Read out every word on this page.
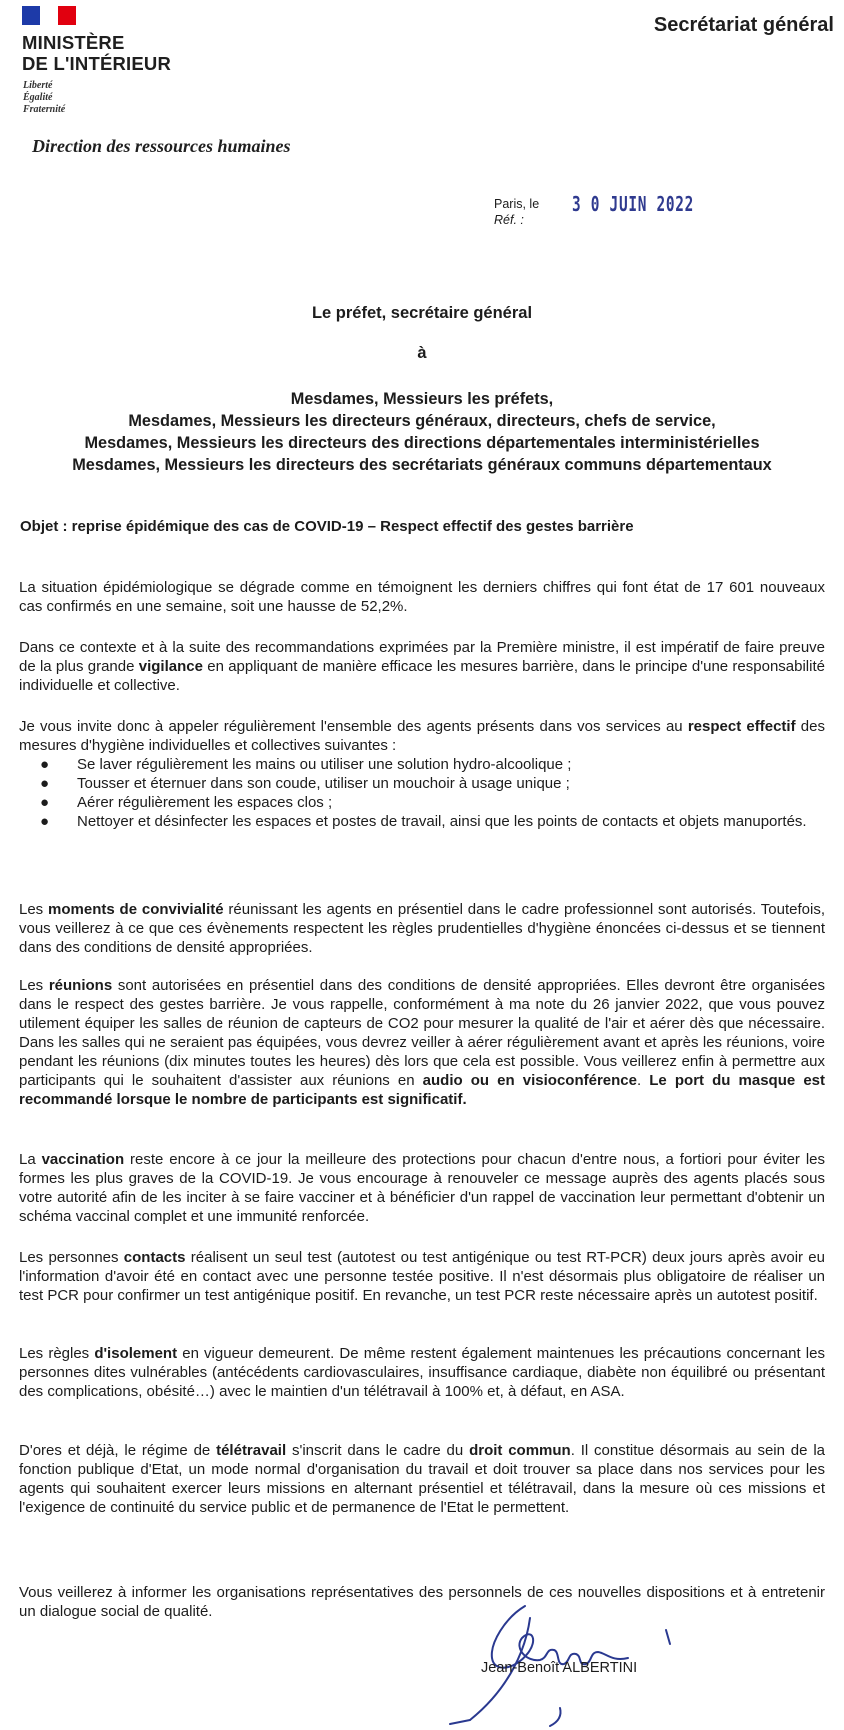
MINISTÈRE
DE L'INTÉRIEUR
Liberté
Égalité
Fraternité
Secrétariat général
Direction des ressources humaines
Paris, le
Réf. :
3 0 JUIN 2022
Le préfet, secrétaire général
à
Mesdames, Messieurs les préfets,
Mesdames, Messieurs les directeurs généraux, directeurs, chefs de service,
Mesdames, Messieurs les directeurs des directions départementales interministérielles
Mesdames, Messieurs les directeurs des secrétariats généraux communs départementaux
Objet : reprise épidémique des cas de COVID-19 – Respect effectif des gestes barrière
La situation épidémiologique se dégrade comme en témoignent les derniers chiffres qui font état de 17 601 nouveaux cas confirmés en une semaine, soit une hausse de 52,2%.
Dans ce contexte et à la suite des recommandations exprimées par la Première ministre, il est impératif de faire preuve de la plus grande vigilance en appliquant de manière efficace les mesures barrière, dans le principe d'une responsabilité individuelle et collective.
Je vous invite donc à appeler régulièrement l'ensemble des agents présents dans vos services au respect effectif des mesures d'hygiène individuelles et collectives suivantes :
●	Se laver régulièrement les mains ou utiliser une solution hydro-alcoolique ;
●	Tousser et éternuer dans son coude, utiliser un mouchoir à usage unique ;
●	Aérer régulièrement les espaces clos ;
●	Nettoyer et désinfecter les espaces et postes de travail, ainsi que les points de contacts et objets manuportés.
Les moments de convivialité réunissant les agents en présentiel dans le cadre professionnel sont autorisés. Toutefois, vous veillerez à ce que ces évènements respectent les règles prudentielles d'hygiène énoncées ci-dessus et se tiennent dans des conditions de densité appropriées.
Les réunions sont autorisées en présentiel dans des conditions de densité appropriées. Elles devront être organisées dans le respect des gestes barrière. Je vous rappelle, conformément à ma note du 26 janvier 2022, que vous pouvez utilement équiper les salles de réunion de capteurs de CO2 pour mesurer la qualité de l'air et aérer dès que nécessaire. Dans les salles qui ne seraient pas équipées, vous devrez veiller à aérer régulièrement avant et après les réunions, voire pendant les réunions (dix minutes toutes les heures) dès lors que cela est possible. Vous veillerez enfin à permettre aux participants qui le souhaitent d'assister aux réunions en audio ou en visioconférence. Le port du masque est recommandé lorsque le nombre de participants est significatif.
La vaccination reste encore à ce jour la meilleure des protections pour chacun d'entre nous, a fortiori pour éviter les formes les plus graves de la COVID-19. Je vous encourage à renouveler ce message auprès des agents placés sous votre autorité afin de les inciter à se faire vacciner et à bénéficier d'un rappel de vaccination leur permettant d'obtenir un schéma vaccinal complet et une immunité renforcée.
Les personnes contacts réalisent un seul test (autotest ou test antigénique ou test RT-PCR) deux jours après avoir eu l'information d'avoir été en contact avec une personne testée positive. Il n'est désormais plus obligatoire de réaliser un test PCR pour confirmer un test antigénique positif. En revanche, un test PCR reste nécessaire après un autotest positif.
Les règles d'isolement en vigueur demeurent. De même restent également maintenues les précautions concernant les personnes dites vulnérables (antécédents cardiovasculaires, insuffisance cardiaque, diabète non équilibré ou présentant des complications, obésité…) avec le maintien d'un télétravail à 100% et, à défaut, en ASA.
D'ores et déjà, le régime de télétravail s'inscrit dans le cadre du droit commun. Il constitue désormais au sein de la fonction publique d'Etat, un mode normal d'organisation du travail et doit trouver sa place dans nos services pour les agents qui souhaitent exercer leurs missions en alternant présentiel et télétravail, dans la mesure où ces missions et l'exigence de continuité du service public et de permanence de l'Etat le permettent.
Vous veillerez à informer les organisations représentatives des personnels de ces nouvelles dispositions et à entretenir un dialogue social de qualité.
Jean-Benoît ALBERTINI
